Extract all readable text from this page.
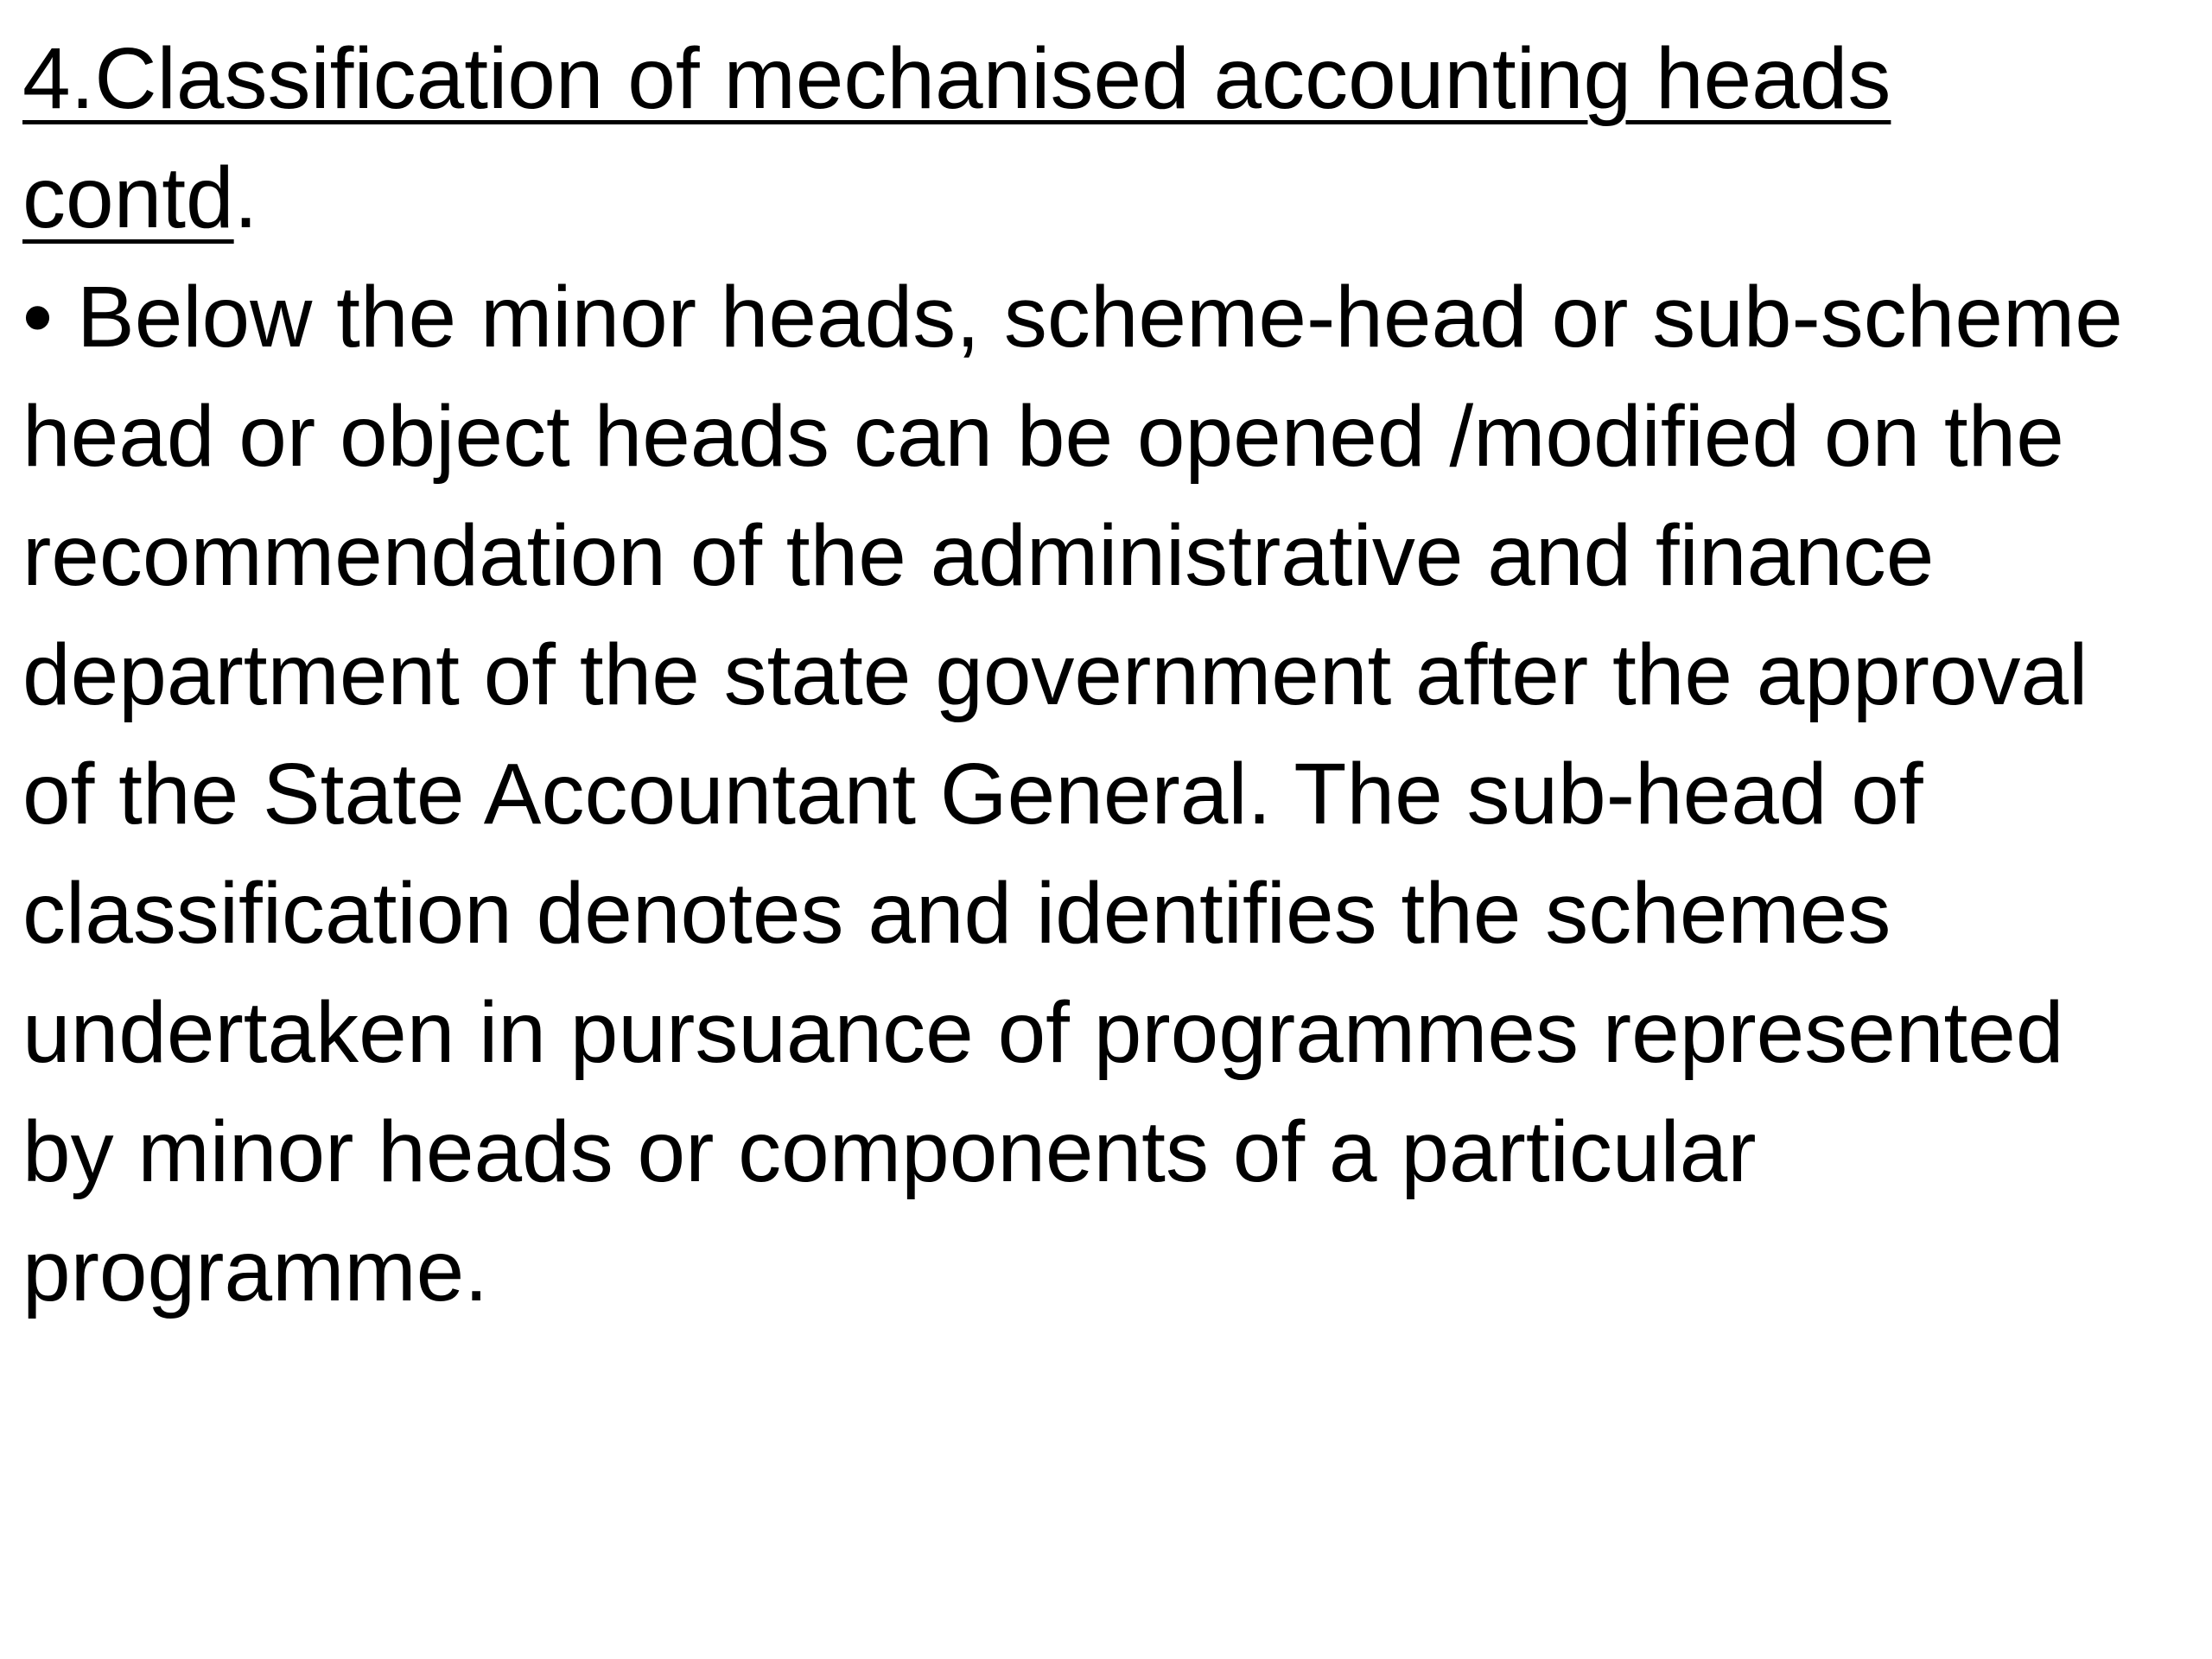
4.Classification of mechanised accounting heads contd.
• Below the minor heads, scheme-head or sub-scheme head or object heads can be opened /modified on the recommendation of the administrative and finance department of the state government after the approval of the State Accountant General. The sub-head of classification denotes and identifies the schemes undertaken in pursuance of programmes represented by minor heads or components of a particular programme.
